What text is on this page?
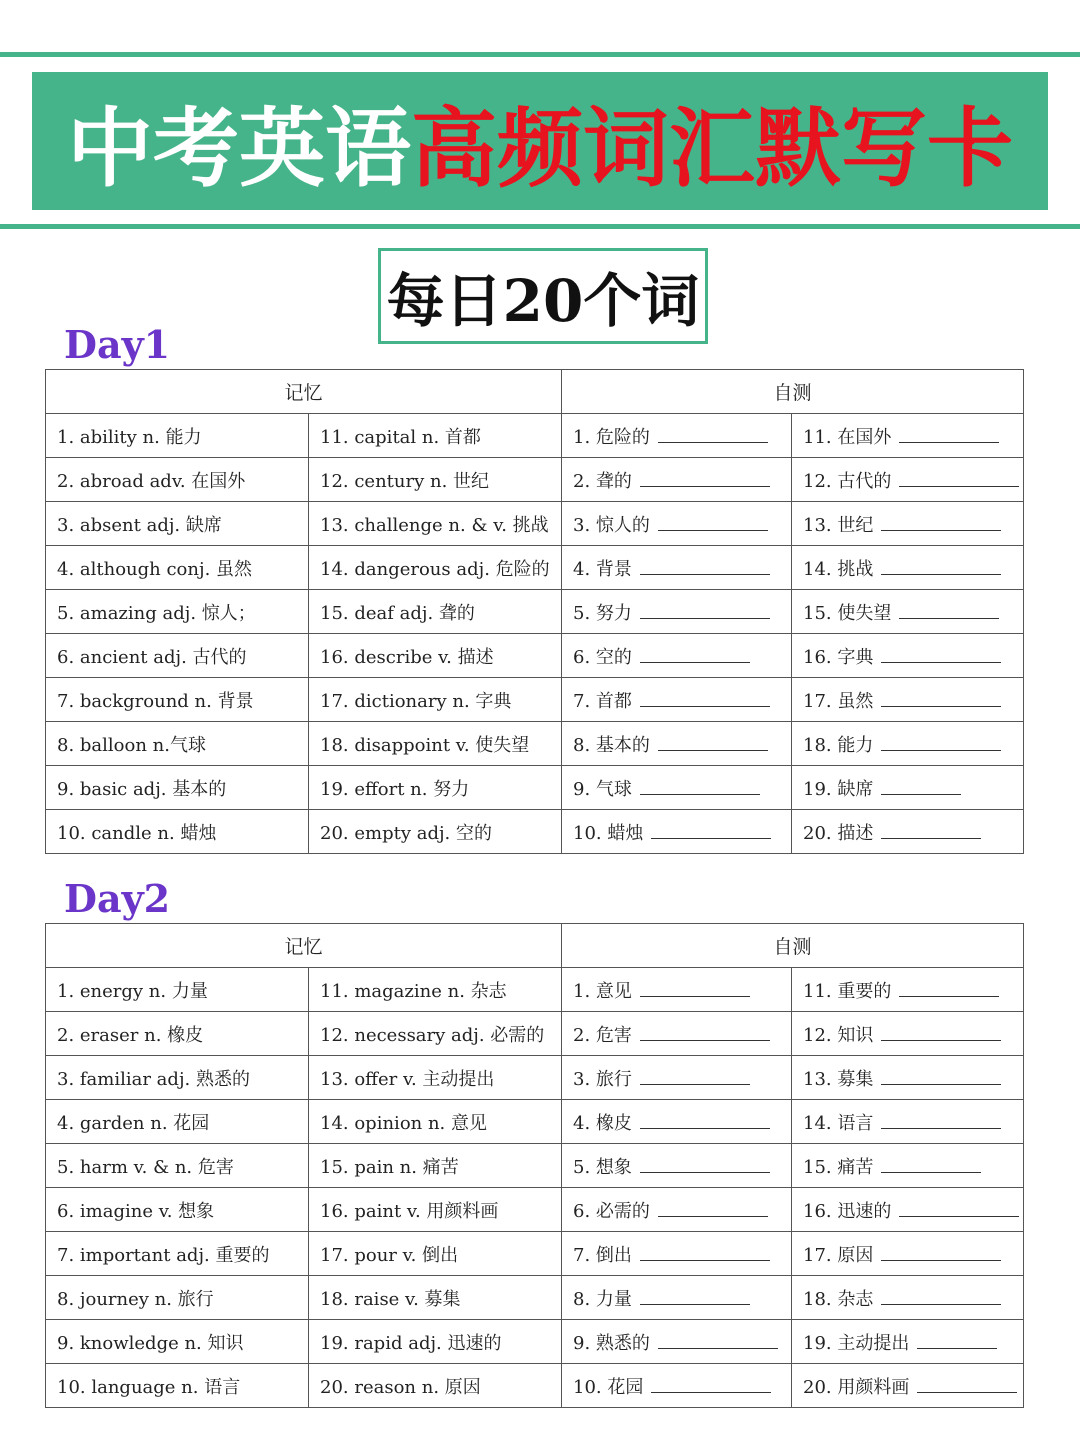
中考英语 高频词汇默写卡
每日20个词
Day1
记忆		自测	
1. ability n. 能力	11. capital n. 首都	1. 危险的	11. 在国外
2. abroad adv. 在国外	12. century n. 世纪	2. 聋的	12. 古代的
3. absent adj. 缺席	13. challenge n. & v. 挑战	3. 惊人的	13. 世纪
4. although conj. 虽然	14. dangerous adj. 危险的	4. 背景	14. 挑战
5. amazing adj. 惊人；	15. deaf adj. 聋的	5. 努力	15. 使失望
6. ancient adj. 古代的	16. describe v. 描述	6. 空的	16. 字典
7. background n. 背景	17. dictionary n. 字典	7. 首都	17. 虽然
8. balloon n.气球	18. disappoint v. 使失望	8. 基本的	18. 能力
9. basic adj. 基本的	19. effort n. 努力	9. 气球	19. 缺席
10. candle n. 蜡烛	20. empty adj. 空的	10. 蜡烛	20. 描述
Day2
记忆		自测	
1. energy n. 力量	11. magazine n. 杂志	1. 意见	11. 重要的
2. eraser n. 橡皮	12. necessary adj. 必需的	2. 危害	12. 知识
3. familiar adj. 熟悉的	13. offer v. 主动提出	3. 旅行	13. 募集
4. garden n. 花园	14. opinion n. 意见	4. 橡皮	14. 语言
5. harm v. & n. 危害	15. pain n. 痛苦	5. 想象	15. 痛苦
6. imagine v. 想象	16. paint v. 用颜料画	6. 必需的	16. 迅速的
7. important adj. 重要的	17. pour v. 倒出	7. 倒出	17. 原因
8. journey n. 旅行	18. raise v. 募集	8. 力量	18. 杂志
9. knowledge n. 知识	19. rapid adj. 迅速的	9. 熟悉的	19. 主动提出
10. language n. 语言	20. reason n. 原因	10. 花园	20. 用颜料画
